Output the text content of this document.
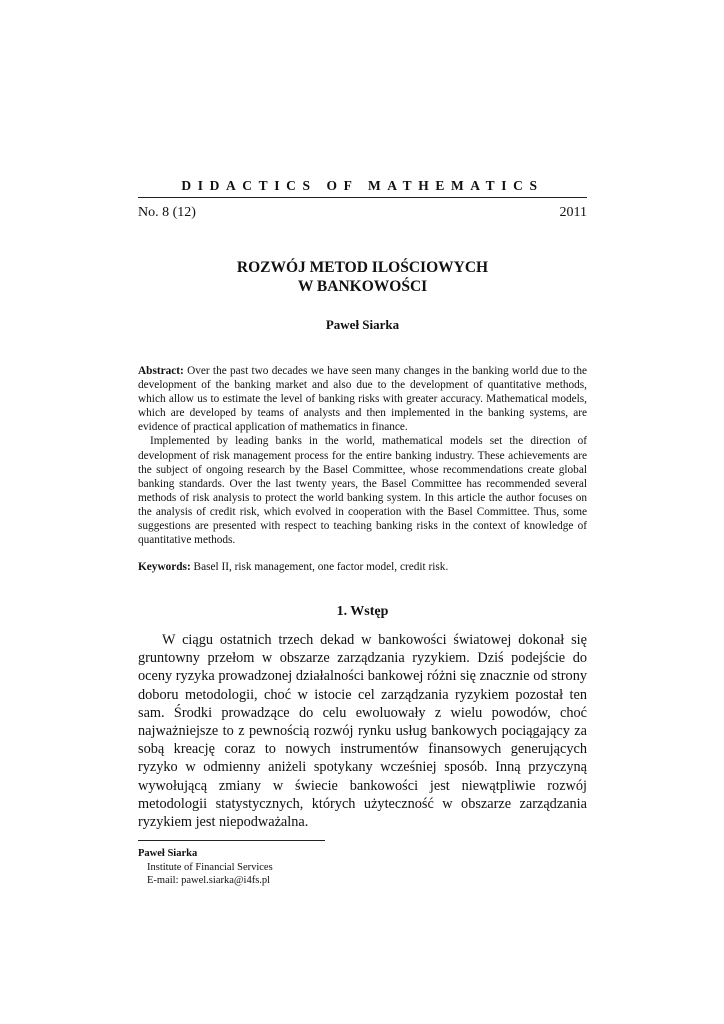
DIDACTICS OF MATHEMATICS
No. 8 (12)	2011
ROZWÓJ METOD ILOŚCIOWYCH
W BANKOWOŚCI
Paweł Siarka

Abstract: Over the past two decades we have seen many changes in the banking world due to the development of the banking market and also due to the development of quantitative methods, which allow us to estimate the level of banking risks with greater accuracy. Mathematical models, which are developed by teams of analysts and then implemented in the banking systems, are evidence of practical application of mathematics in finance.

Implemented by leading banks in the world, mathematical models set the direction of development of risk management process for the entire banking industry. These achievements are the subject of ongoing research by the Basel Committee, whose recommendations create global banking standards. Over the last twenty years, the Basel Committee has recommended several methods of risk analysis to protect the world banking system. In this article the author focuses on the analysis of credit risk, which evolved in cooperation with the Basel Committee. Thus, some suggestions are presented with respect to teaching banking risks in the context of knowledge of quantitative methods.

Keywords: Basel II, risk management, one factor model, credit risk.
1. Wstęp

W ciągu ostatnich trzech dekad w bankowości światowej dokonał się gruntowny przełom w obszarze zarządzania ryzykiem. Dziś podejście do oceny ryzyka prowadzonej działalności bankowej różni się znacznie od strony doboru metodologii, choć w istocie cel zarządzania ryzykiem pozostał ten sam. Środki prowadzące do celu ewoluowały z wielu powodów, choć najważniejsze to z pewnością rozwój rynku usług bankowych pociągający za sobą kreację coraz to nowych instrumentów finansowych generujących ryzyko w odmienny aniżeli spotykany wcześniej sposób. Inną przyczyną wywołującą zmiany w świecie bankowości jest niewątpliwie rozwój metodologii statystycznych, których użyteczność w obszarze zarządzania ryzykiem jest niepodważalna.

Paweł Siarka
Institute of Financial Services
E-mail: pawel.siarka@i4fs.pl
